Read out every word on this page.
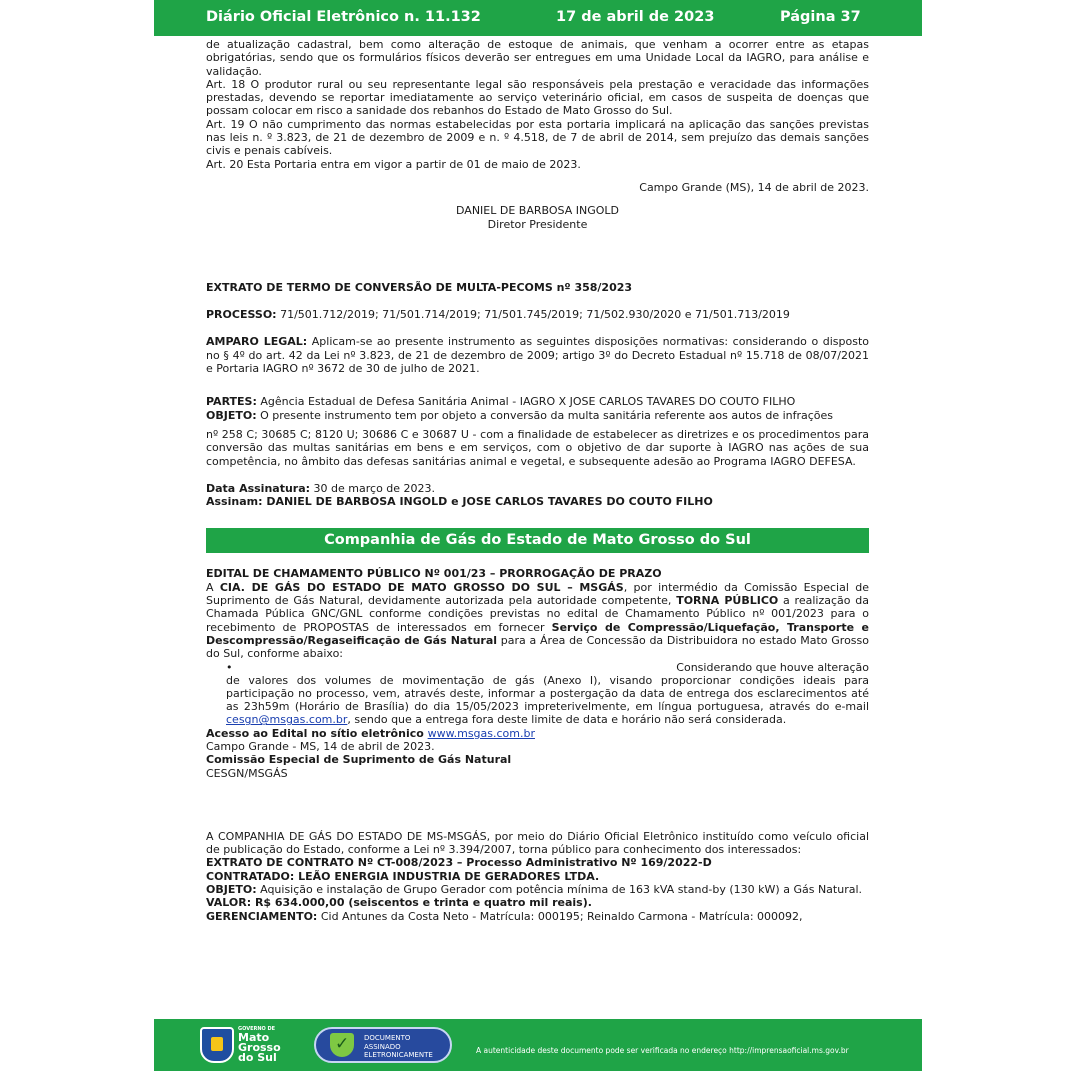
Diário Oficial Eletrônico n. 11.132	17 de abril de 2023	Página 37

de atualização cadastral, bem como alteração de estoque de animais, que venham a ocorrer entre as etapas obrigatórias, sendo que os formulários físicos deverão ser entregues em uma Unidade Local da IAGRO, para análise e validação.

Art. 18 O produtor rural ou seu representante legal são responsáveis pela prestação e veracidade das informações prestadas, devendo se reportar imediatamente ao serviço veterinário oficial, em casos de suspeita de doenças que possam colocar em risco a sanidade dos rebanhos do Estado de Mato Grosso do Sul.

Art. 19 O não cumprimento das normas estabelecidas por esta portaria implicará na aplicação das sanções previstas nas leis n. º 3.823, de 21 de dezembro de 2009 e n. º 4.518, de 7 de abril de 2014, sem prejuízo das demais sanções civis e penais cabíveis.

Art. 20 Esta Portaria entra em vigor a partir de 01 de maio de 2023.

Campo Grande (MS), 14 de abril de 2023.

DANIEL DE BARBOSA INGOLD

Diretor Presidente

EXTRATO DE TERMO DE CONVERSÃO DE MULTA-PECOMS nº 358/2023

PROCESSO: 71/501.712/2019; 71/501.714/2019; 71/501.745/2019; 71/502.930/2020 e 71/501.713/2019

AMPARO LEGAL: Aplicam-se ao presente instrumento as seguintes disposições normativas: considerando o disposto no § 4º do art. 42 da Lei nº 3.823, de 21 de dezembro de 2009; artigo 3º do Decreto Estadual nº 15.718 de 08/07/2021 e Portaria IAGRO nº 3672 de 30 de julho de 2021.

PARTES: Agência Estadual de Defesa Sanitária Animal - IAGRO X JOSE CARLOS TAVARES DO COUTO FILHO

OBJETO: O presente instrumento tem por objeto a conversão da multa sanitária referente aos autos de infrações

nº 258 C; 30685 C; 8120 U; 30686 C e 30687 U - com a finalidade de estabelecer as diretrizes e os procedimentos para conversão das multas sanitárias em bens e em serviços, com o objetivo de dar suporte à IAGRO nas ações de sua competência, no âmbito das defesas sanitárias animal e vegetal, e subsequente adesão ao Programa IAGRO DEFESA.

Data Assinatura: 30 de março de 2023.

Assinam: DANIEL DE BARBOSA INGOLD e JOSE CARLOS TAVARES DO COUTO FILHO

Companhia de Gás do Estado de Mato Grosso do Sul

EDITAL DE CHAMAMENTO PÚBLICO Nº 001/23 – PRORROGAÇÃO DE PRAZO

A CIA. DE GÁS DO ESTADO DE MATO GROSSO DO SUL – MSGÁS, por intermédio da Comissão Especial de Suprimento de Gás Natural, devidamente autorizada pela autoridade competente, TORNA PÚBLICO a realização da Chamada Pública GNC/GNL conforme condições previstas no edital de Chamamento Público nº 001/2023 para o recebimento de PROPOSTAS de interessados em fornecer Serviço de Compressão/Liquefação, Transporte e Descompressão/Regaseificação de Gás Natural para a Área de Concessão da Distribuidora no estado Mato Grosso do Sul, conforme abaixo:

•	Considerando que houve alteração

de valores dos volumes de movimentação de gás (Anexo I), visando proporcionar condições ideais para participação no processo, vem, através deste, informar a postergação da data de entrega dos esclarecimentos até as 23h59m (Horário de Brasília) do dia 15/05/2023 impreterivelmente, em língua portuguesa, através do e-mail cesgn@msgas.com.br, sendo que a entrega fora deste limite de data e horário não será considerada.

Acesso ao Edital no sítio eletrônico www.msgas.com.br

Campo Grande - MS, 14 de abril de 2023.

Comissão Especial de Suprimento de Gás Natural

CESGN/MSGÁS

A COMPANHIA DE GÁS DO ESTADO DE MS-MSGÁS, por meio do Diário Oficial Eletrônico instituído como veículo oficial de publicação do Estado, conforme a Lei nº 3.394/2007, torna público para conhecimento dos interessados:

EXTRATO DE CONTRATO Nº CT-008/2023 – Processo Administrativo Nº 169/2022-D

CONTRATADO: LEÃO ENERGIA INDUSTRIA DE GERADORES LTDA.

OBJETO: Aquisição e instalação de Grupo Gerador com potência mínima de 163 kVA stand-by (130 kW) a Gás Natural.

VALOR: R$ 634.000,00 (seiscentos e trinta e quatro mil reais).

GERENCIAMENTO: Cid Antunes da Costa Neto - Matrícula: 000195; Reinaldo Carmona - Matrícula: 000092,

GOVERNO DE
Mato
Grosso
do Sul
✓
DOCUMENTO
ASSINADO
ELETRONICAMENTE	A autenticidade deste documento pode ser verificada no endereço http://imprensaoficial.ms.gov.br
